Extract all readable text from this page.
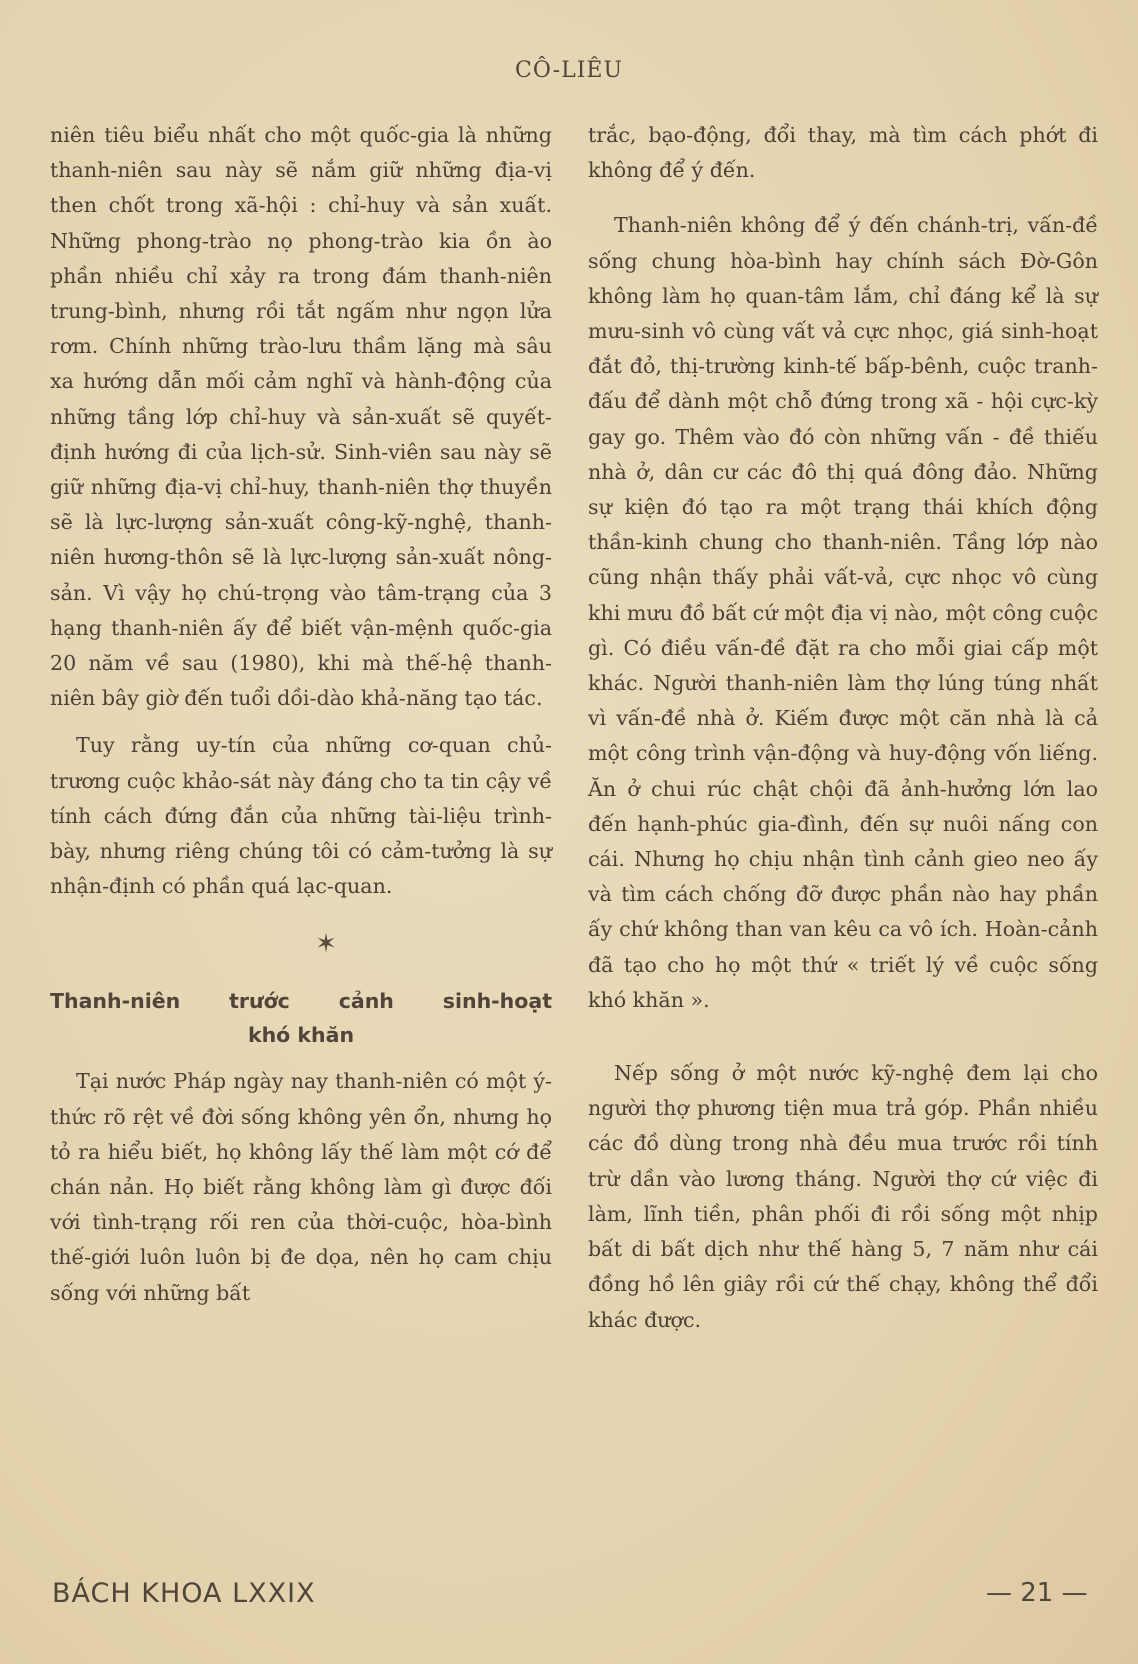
CÔ-LIÊU

niên tiêu biểu nhất cho một quốc-gia là những thanh-niên sau này sẽ nắm giữ những địa-vị then chốt trong xã-hội : chỉ-huy và sản xuất. Những phong-trào nọ phong-trào kia ồn ào phần nhiều chỉ xảy ra trong đám thanh-niên trung-bình, nhưng rồi tắt ngấm như ngọn lửa rơm. Chính những trào-lưu thầm lặng mà sâu xa hướng dẫn mối cảm nghĩ và hành-động của những tầng lớp chỉ-huy và sản-xuất sẽ quyết-định hướng đi của lịch-sử. Sinh-viên sau này sẽ giữ những địa-vị chỉ-huy, thanh-niên thợ thuyền sẽ là lực-lượng sản-xuất công-kỹ-nghệ, thanh-niên hương-thôn sẽ là lực-lượng sản-xuất nông-sản. Vì vậy họ chú-trọng vào tâm-trạng của 3 hạng thanh-niên ấy để biết vận-mệnh quốc-gia 20 năm về sau (1980), khi mà thế-hệ thanh-niên bây giờ đến tuổi dồi-dào khả-năng tạo tác.

Tuy rằng uy-tín của những cơ-quan chủ-trương cuộc khảo-sát này đáng cho ta tin cậy về tính cách đứng đắn của những tài-liệu trình-bày, nhưng riêng chúng tôi có cảm-tưởng là sự nhận-định có phần quá lạc-quan.

✶
Thanh-niên trước cảnh sinh-hoạt
khó khăn

Tại nước Pháp ngày nay thanh-niên có một ý-thức rõ rệt về đời sống không yên ổn, nhưng họ tỏ ra hiểu biết, họ không lấy thế làm một cớ để chán nản. Họ biết rằng không làm gì được đối với tình-trạng rối ren của thời-cuộc, hòa-bình thế-giới luôn luôn bị đe dọa, nên họ cam chịu sống với những bất

trắc, bạo-động, đổi thay, mà tìm cách phớt đi không để ý đến.

Thanh-niên không để ý đến chánh-trị, vấn-đề sống chung hòa-bình hay chính sách Đờ-Gôn không làm họ quan-tâm lắm, chỉ đáng kể là sự mưu-sinh vô cùng vất vả cực nhọc, giá sinh-hoạt đắt đỏ, thị-trường kinh-tế bấp-bênh, cuộc tranh-đấu để dành một chỗ đứng trong xã - hội cực-kỳ gay go. Thêm vào đó còn những vấn - đề thiếu nhà ở, dân cư các đô thị quá đông đảo. Những sự kiện đó tạo ra một trạng thái khích động thần-kinh chung cho thanh-niên. Tầng lớp nào cũng nhận thấy phải vất-vả, cực nhọc vô cùng khi mưu đồ bất cứ một địa vị nào, một công cuộc gì. Có điều vấn-đề đặt ra cho mỗi giai cấp một khác. Người thanh-niên làm thợ lúng túng nhất vì vấn-đề nhà ở. Kiếm được một căn nhà là cả một công trình vận-động và huy-động vốn liếng. Ăn ở chui rúc chật chội đã ảnh-hưởng lớn lao đến hạnh-phúc gia-đình, đến sự nuôi nấng con cái. Nhưng họ chịu nhận tình cảnh gieo neo ấy và tìm cách chống đỡ được phần nào hay phần ấy chứ không than van kêu ca vô ích. Hoàn-cảnh đã tạo cho họ một thứ « triết lý về cuộc sống khó khăn ».

Nếp sống ở một nước kỹ-nghệ đem lại cho người thợ phương tiện mua trả góp. Phần nhiều các đồ dùng trong nhà đều mua trước rồi tính trừ dần vào lương tháng. Người thợ cứ việc đi làm, lĩnh tiền, phân phối đi rồi sống một nhịp bất di bất dịch như thế hàng 5, 7 năm như cái đồng hồ lên giây rồi cứ thế chạy, không thể đổi khác được.

BÁCH KHOA LXXIX	— 21 —
